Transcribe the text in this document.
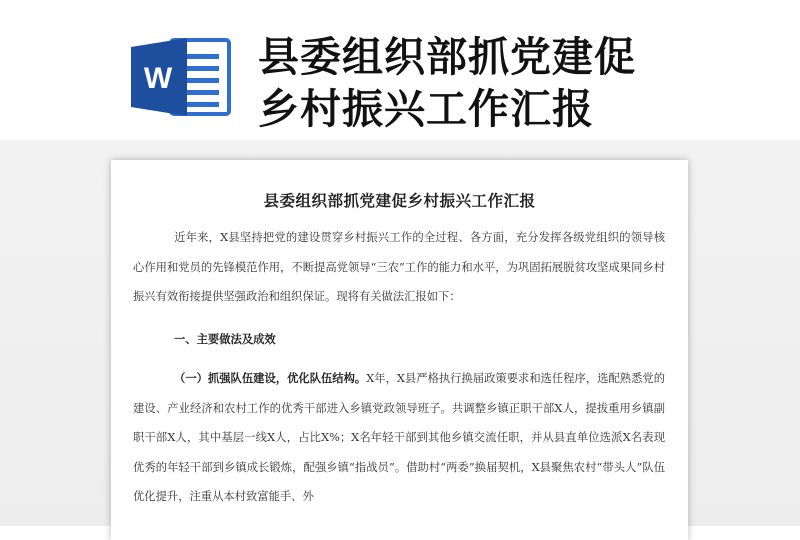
W 县委组织部抓党建促
乡村振兴工作汇报
县委组织部抓党建促乡村振兴工作汇报
近年来，X县坚持把党的建设贯穿乡村振兴工作的全过程、各方面，充分发挥各级党组织的领导核心作用和党员的先锋模范作用，不断提高党领导“三农”工作的能力和水平，为巩固拓展脱贫攻坚成果同乡村振兴有效衔接提供坚强政治和组织保证。现将有关做法汇报如下：
一、主要做法及成效
（一）抓强队伍建设，优化队伍结构。X年，X县严格执行换届政策要求和选任程序，选配熟悉党的建设、产业经济和农村工作的优秀干部进入乡镇党政领导班子。共调整乡镇正职干部X人，提拔重用乡镇副职干部X人，其中基层一线X人，占比X%；X名年轻干部到其他乡镇交流任职，并从县直单位选派X名表现优秀的年轻干部到乡镇成长锻炼，配强乡镇“指战员”。借助村“两委”换届契机，X县聚焦农村“带头人”队伍优化提升，注重从本村致富能手、外
